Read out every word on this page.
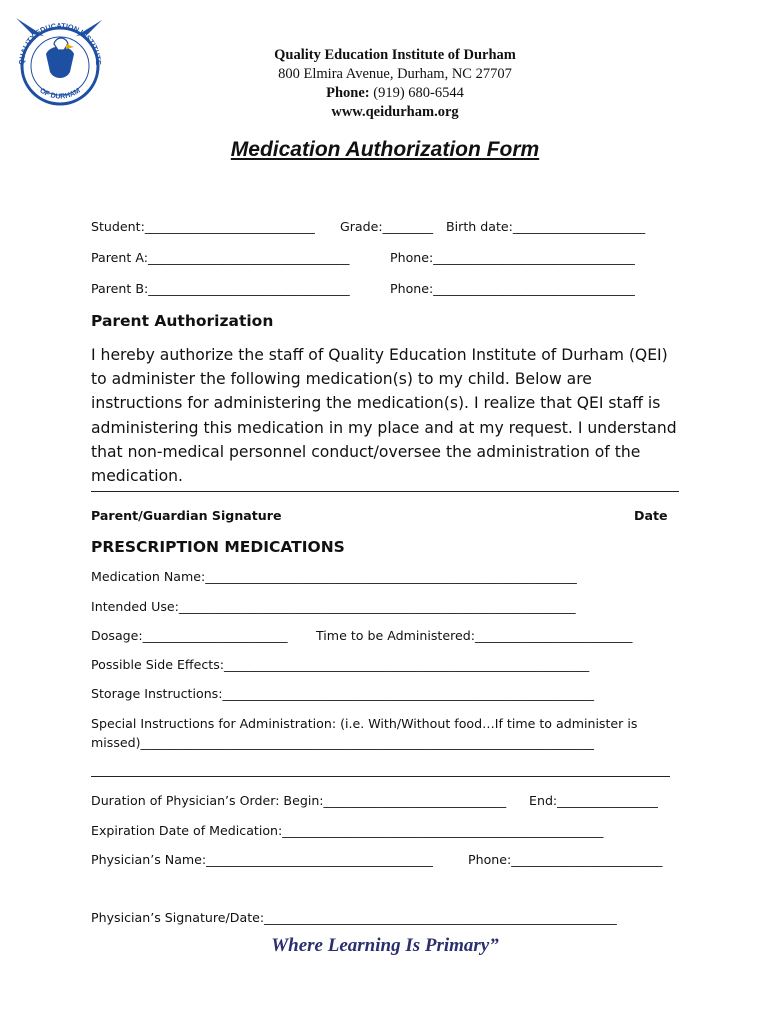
QUALITY EDUCATION INSTITUTE
OF DURHAM
Quality Education Institute of Durham
800 Elmira Avenue, Durham, NC 27707
Phone: (919) 680-6544
www.qeidurham.org
Medication Authorization Form
Student:___________________________ Grade:________ Birth date:_____________________
Parent A:________________________________	Phone:________________________________
Parent B:________________________________	Phone:________________________________
Parent Authorization
I hereby authorize the staff of Quality Education Institute of Durham (QEI) to administer the following medication(s) to my child. Below are instructions for administering the medication(s). I realize that QEI staff is administering this medication in my place and at my request. I understand that non-medical personnel conduct/oversee the administration of the medication.
Parent/Guardian Signature	Date
PRESCRIPTION MEDICATIONS
Medication Name:___________________________________________________________
Intended Use:_______________________________________________________________
Dosage:_______________________ Time to be Administered:_________________________
Possible Side Effects:__________________________________________________________
Storage Instructions:___________________________________________________________
Special Instructions for Administration: (i.e. With/Without food…If time to administer is
missed)________________________________________________________________________
Duration of Physician’s Order: Begin:_____________________________ End:________________
Expiration Date of Medication:___________________________________________________
Physician’s Name:____________________________________	Phone:________________________
Physician’s Signature/Date:________________________________________________________
Where Learning Is Primary”
